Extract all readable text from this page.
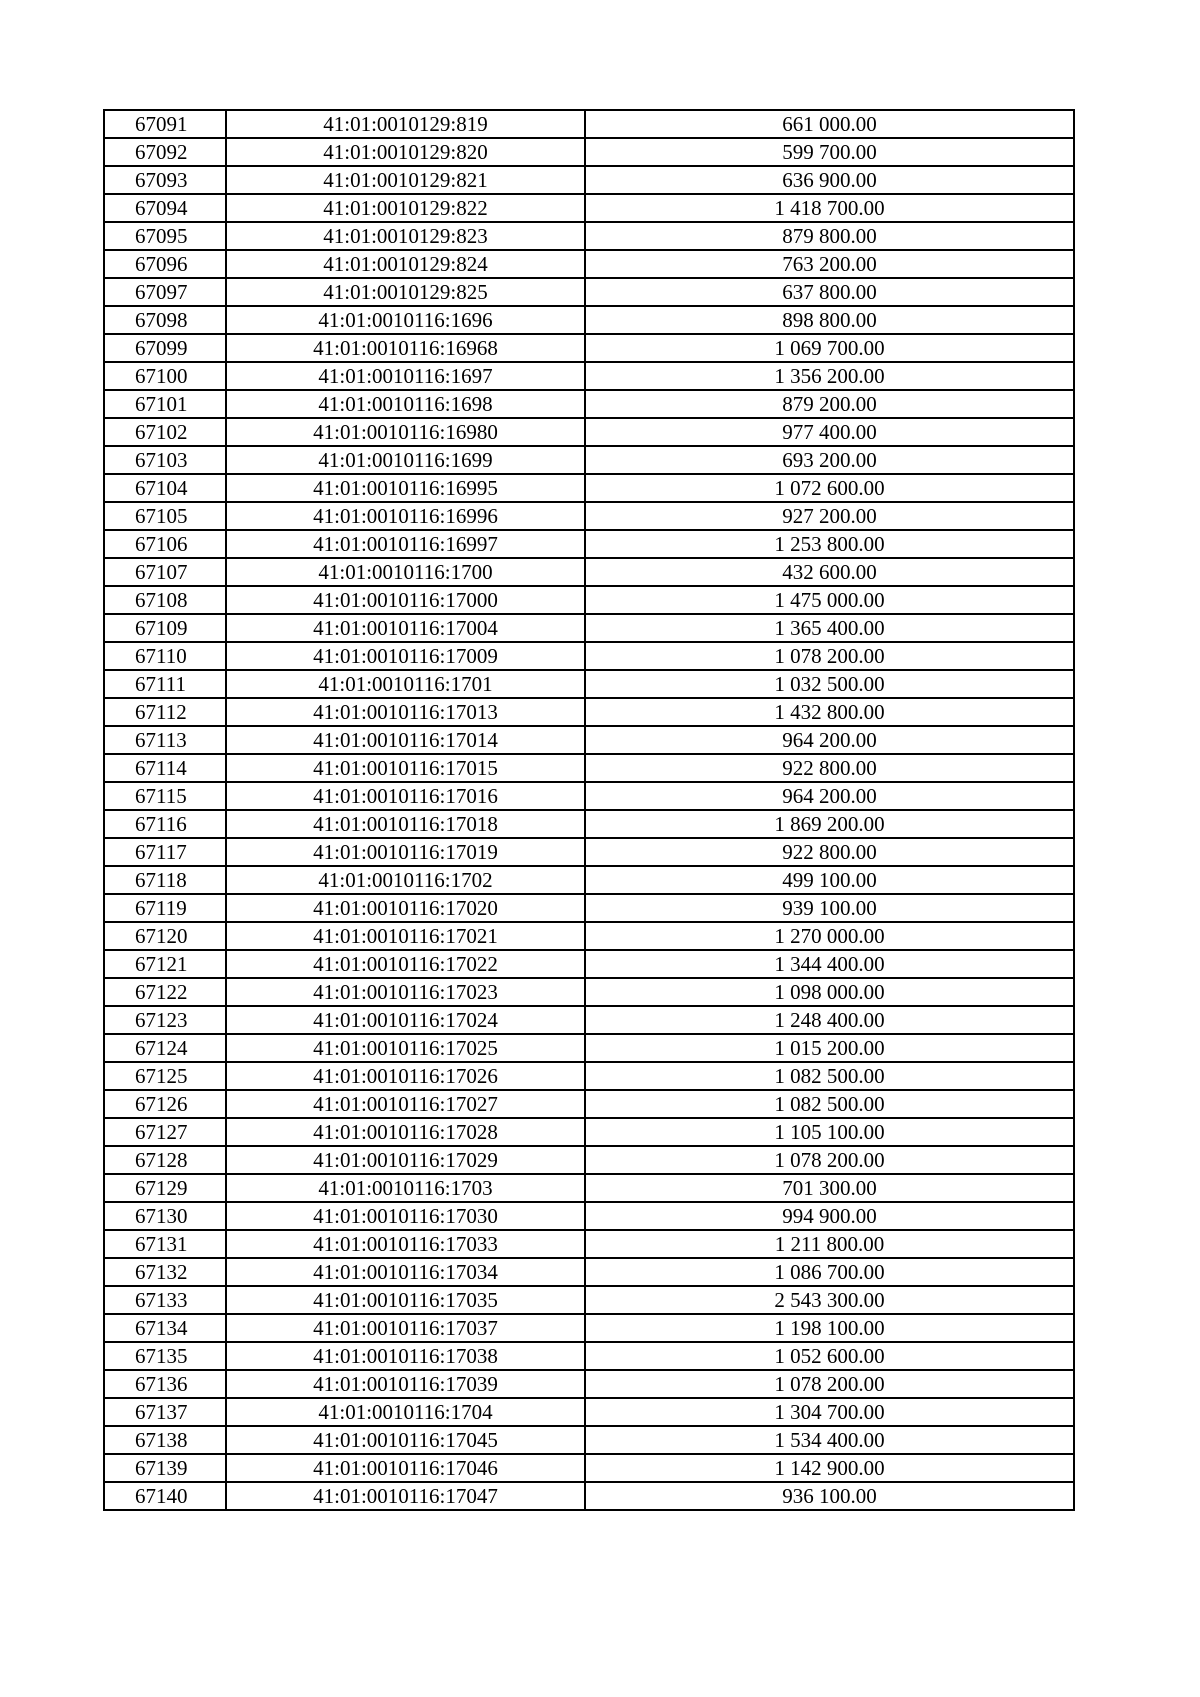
67091	41:01:0010129:819	661 000.00
67092	41:01:0010129:820	599 700.00
67093	41:01:0010129:821	636 900.00
67094	41:01:0010129:822	1 418 700.00
67095	41:01:0010129:823	879 800.00
67096	41:01:0010129:824	763 200.00
67097	41:01:0010129:825	637 800.00
67098	41:01:0010116:1696	898 800.00
67099	41:01:0010116:16968	1 069 700.00
67100	41:01:0010116:1697	1 356 200.00
67101	41:01:0010116:1698	879 200.00
67102	41:01:0010116:16980	977 400.00
67103	41:01:0010116:1699	693 200.00
67104	41:01:0010116:16995	1 072 600.00
67105	41:01:0010116:16996	927 200.00
67106	41:01:0010116:16997	1 253 800.00
67107	41:01:0010116:1700	432 600.00
67108	41:01:0010116:17000	1 475 000.00
67109	41:01:0010116:17004	1 365 400.00
67110	41:01:0010116:17009	1 078 200.00
67111	41:01:0010116:1701	1 032 500.00
67112	41:01:0010116:17013	1 432 800.00
67113	41:01:0010116:17014	964 200.00
67114	41:01:0010116:17015	922 800.00
67115	41:01:0010116:17016	964 200.00
67116	41:01:0010116:17018	1 869 200.00
67117	41:01:0010116:17019	922 800.00
67118	41:01:0010116:1702	499 100.00
67119	41:01:0010116:17020	939 100.00
67120	41:01:0010116:17021	1 270 000.00
67121	41:01:0010116:17022	1 344 400.00
67122	41:01:0010116:17023	1 098 000.00
67123	41:01:0010116:17024	1 248 400.00
67124	41:01:0010116:17025	1 015 200.00
67125	41:01:0010116:17026	1 082 500.00
67126	41:01:0010116:17027	1 082 500.00
67127	41:01:0010116:17028	1 105 100.00
67128	41:01:0010116:17029	1 078 200.00
67129	41:01:0010116:1703	701 300.00
67130	41:01:0010116:17030	994 900.00
67131	41:01:0010116:17033	1 211 800.00
67132	41:01:0010116:17034	1 086 700.00
67133	41:01:0010116:17035	2 543 300.00
67134	41:01:0010116:17037	1 198 100.00
67135	41:01:0010116:17038	1 052 600.00
67136	41:01:0010116:17039	1 078 200.00
67137	41:01:0010116:1704	1 304 700.00
67138	41:01:0010116:17045	1 534 400.00
67139	41:01:0010116:17046	1 142 900.00
67140	41:01:0010116:17047	936 100.00
